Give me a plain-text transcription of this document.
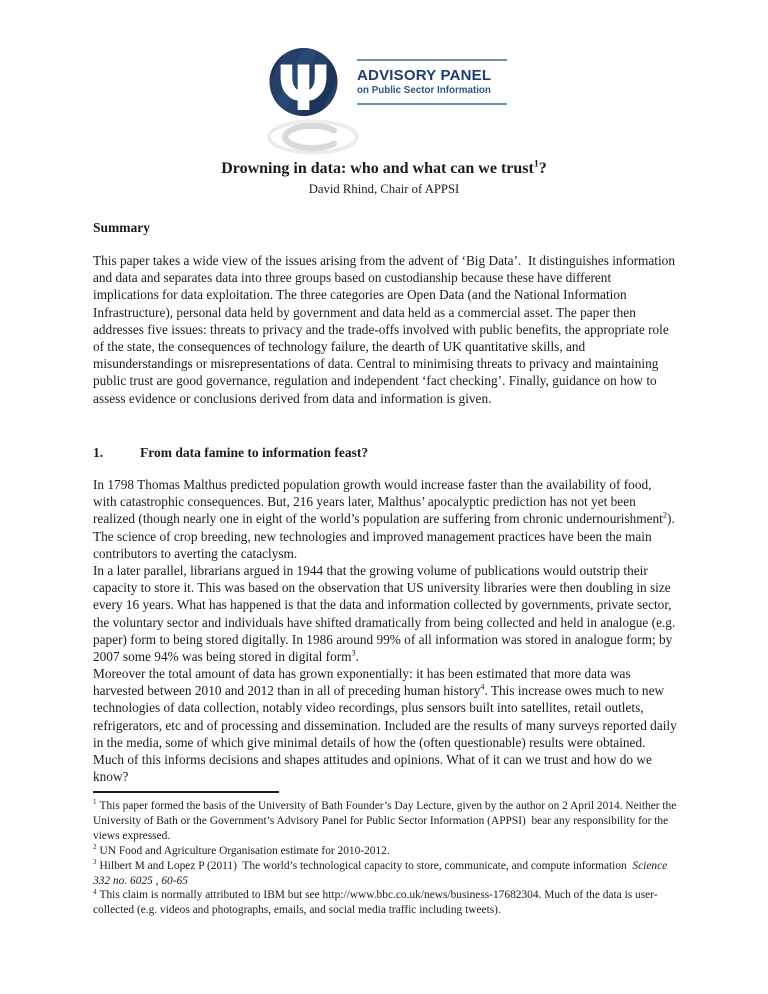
Ψ ADVISORY PANEL
on Public Sector Information
Drowning in data: who and what can we trust$^1$?
David Rhind, Chair of APPSI
Summary

This paper takes a wide view of the issues arising from the advent of ‘Big Data’.  It distinguishes information and data and separates data into three groups based on custodianship because these have different implications for data exploitation. The three categories are Open Data (and the National Information Infrastructure), personal data held by government and data held as a commercial asset. The paper then addresses five issues: threats to privacy and the trade-offs involved with public benefits, the appropriate role of the state, the consequences of technology failure, the dearth of UK quantitative skills, and misunderstandings or misrepresentations of data. Central to minimising threats to privacy and maintaining public trust are good governance, regulation and independent ‘fact checking’. Finally, guidance on how to assess evidence or conclusions derived from data and information is given.

1.	From data famine to information feast?

In 1798 Thomas Malthus predicted population growth would increase faster than the availability of food, with catastrophic consequences. But, 216 years later, Malthus’ apocalyptic prediction has not yet been realized (though nearly one in eight of the world’s population are suffering from chronic undernourishment$^2$). The science of crop breeding, new technologies and improved management practices have been the main contributors to averting the cataclysm.

In a later parallel, librarians argued in 1944 that the growing volume of publications would outstrip their capacity to store it. This was based on the observation that US university libraries were then doubling in size every 16 years. What has happened is that the data and information collected by governments, private sector, the voluntary sector and individuals have shifted dramatically from being collected and held in analogue (e.g. paper) form to being stored digitally. In 1986 around 99% of all information was stored in analogue form; by 2007 some 94% was being stored in digital form$^3$.

Moreover the total amount of data has grown exponentially: it has been estimated that more data was harvested between 2010 and 2012 than in all of preceding human history$^4$. This increase owes much to new technologies of data collection, notably video recordings, plus sensors built into satellites, retail outlets, refrigerators, etc and of processing and dissemination. Included are the results of many surveys reported daily in the media, some of which give minimal details of how the (often questionable) results were obtained. Much of this informs decisions and shapes attitudes and opinions. What of it can we trust and how do we know?

$^1$ This paper formed the basis of the University of Bath Founder’s Day Lecture, given by the author on 2 April 2014. Neither the University of Bath or the Government’s Advisory Panel for Public Sector Information (APPSI)  bear any responsibility for the views expressed.

$^2$ UN Food and Agriculture Organisation estimate for 2010-2012.

$^3$ Hilbert M and Lopez P (2011)  The world’s technological capacity to store, communicate, and compute information  Science 332 no. 6025 , 60-65

$^4$ This claim is normally attributed to IBM but see http://www.bbc.co.uk/news/business-17682304. Much of the data is user-collected (e.g. videos and photographs, emails, and social media traffic including tweets).
